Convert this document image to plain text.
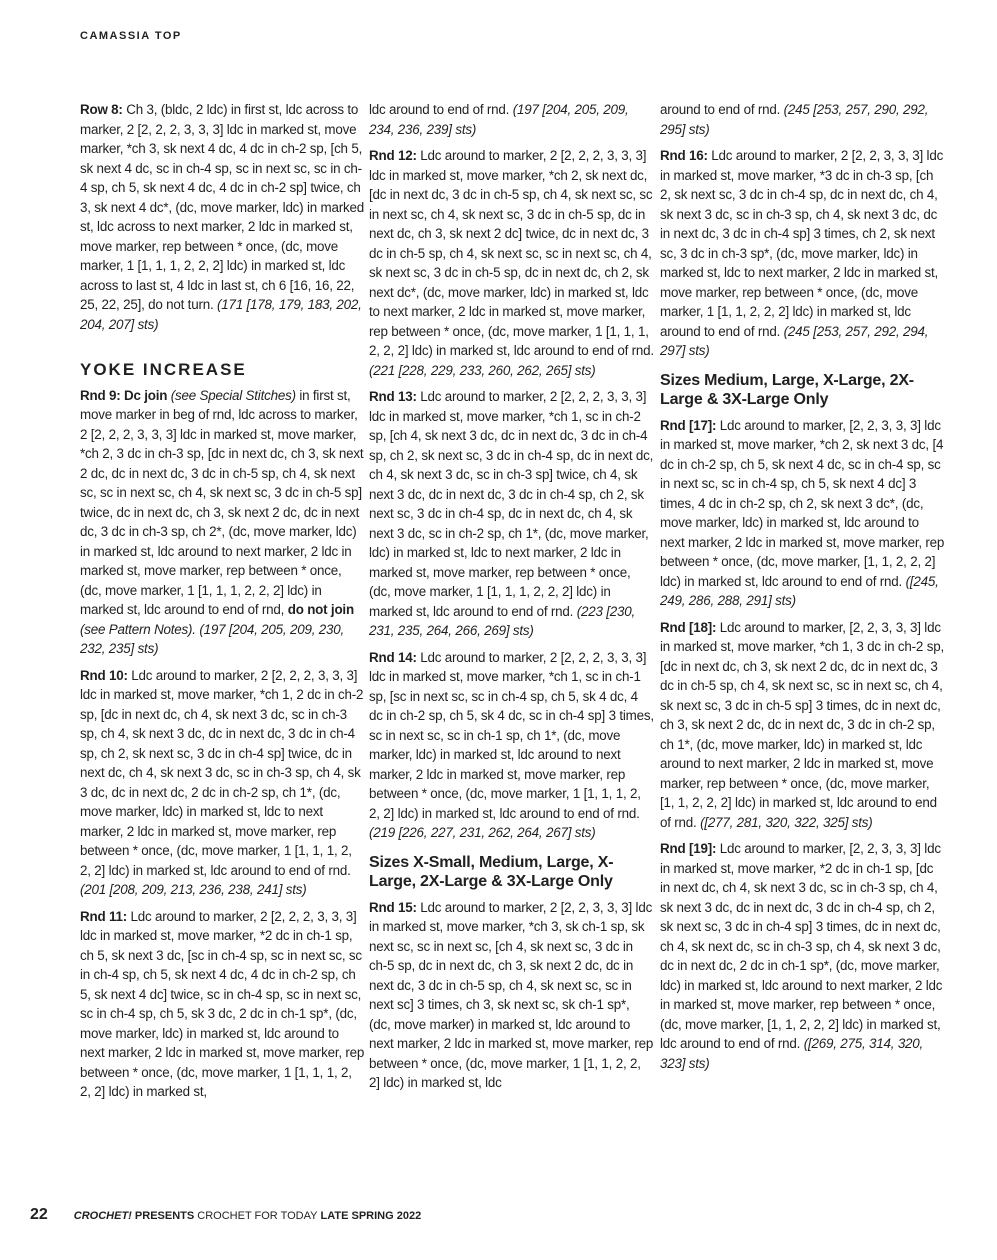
CAMASSIA TOP

Row 8: Ch 3, (bldc, 2 ldc) in first st, ldc across to marker, 2 [2, 2, 2, 3, 3, 3] ldc in marked st, move marker, *ch 3, sk next 4 dc, 4 dc in ch-2 sp, [ch 5, sk next 4 dc, sc in ch-4 sp, sc in next sc, sc in ch-4 sp, ch 5, sk next 4 dc, 4 dc in ch-2 sp] twice, ch 3, sk next 4 dc*, (dc, move marker, ldc) in marked st, ldc across to next marker, 2 ldc in marked st, move marker, rep between * once, (dc, move marker, 1 [1, 1, 1, 2, 2, 2] ldc) in marked st, ldc across to last st, 4 ldc in last st, ch 6 [16, 16, 22, 25, 22, 25], do not turn. (171 [178, 179, 183, 202, 204, 207] sts)

YOKE INCREASE

Rnd 9: Dc join (see Special Stitches) in first st, move marker in beg of rnd, ldc across to marker, 2 [2, 2, 2, 3, 3, 3] ldc in marked st, move marker, *ch 2, 3 dc in ch-3 sp, [dc in next dc, ch 3, sk next 2 dc, dc in next dc, 3 dc in ch-5 sp, ch 4, sk next sc, sc in next sc, ch 4, sk next sc, 3 dc in ch-5 sp] twice, dc in next dc, ch 3, sk next 2 dc, dc in next dc, 3 dc in ch-3 sp, ch 2*, (dc, move marker, ldc) in marked st, ldc around to next marker, 2 ldc in marked st, move marker, rep between * once, (dc, move marker, 1 [1, 1, 1, 2, 2, 2] ldc) in marked st, ldc around to end of rnd, do not join (see Pattern Notes). (197 [204, 205, 209, 230, 232, 235] sts)

Rnd 10: Ldc around to marker, 2 [2, 2, 2, 3, 3, 3] ldc in marked st, move marker, *ch 1, 2 dc in ch-2 sp, [dc in next dc, ch 4, sk next 3 dc, sc in ch-3 sp, ch 4, sk next 3 dc, dc in next dc, 3 dc in ch-4 sp, ch 2, sk next sc, 3 dc in ch-4 sp] twice, dc in next dc, ch 4, sk next 3 dc, sc in ch-3 sp, ch 4, sk 3 dc, dc in next dc, 2 dc in ch-2 sp, ch 1*, (dc, move marker, ldc) in marked st, ldc to next marker, 2 ldc in marked st, move marker, rep between * once, (dc, move marker, 1 [1, 1, 1, 2, 2, 2] ldc) in marked st, ldc around to end of rnd. (201 [208, 209, 213, 236, 238, 241] sts)

Rnd 11: Ldc around to marker, 2 [2, 2, 2, 3, 3, 3] ldc in marked st, move marker, *2 dc in ch-1 sp, ch 5, sk next 3 dc, [sc in ch-4 sp, sc in next sc, sc in ch-4 sp, ch 5, sk next 4 dc, 4 dc in ch-2 sp, ch 5, sk next 4 dc] twice, sc in ch-4 sp, sc in next sc, sc in ch-4 sp, ch 5, sk 3 dc, 2 dc in ch-1 sp*, (dc, move marker, ldc) in marked st, ldc around to next marker, 2 ldc in marked st, move marker, rep between * once, (dc, move marker, 1 [1, 1, 1, 2, 2, 2] ldc) in marked st,

ldc around to end of rnd. (197 [204, 205, 209, 234, 236, 239] sts)

Rnd 12: Ldc around to marker, 2 [2, 2, 2, 3, 3, 3] ldc in marked st, move marker, *ch 2, sk next dc, [dc in next dc, 3 dc in ch-5 sp, ch 4, sk next sc, sc in next sc, ch 4, sk next sc, 3 dc in ch-5 sp, dc in next dc, ch 3, sk next 2 dc] twice, dc in next dc, 3 dc in ch-5 sp, ch 4, sk next sc, sc in next sc, ch 4, sk next sc, 3 dc in ch-5 sp, dc in next dc, ch 2, sk next dc*, (dc, move marker, ldc) in marked st, ldc to next marker, 2 ldc in marked st, move marker, rep between * once, (dc, move marker, 1 [1, 1, 1, 2, 2, 2] ldc) in marked st, ldc around to end of rnd. (221 [228, 229, 233, 260, 262, 265] sts)

Rnd 13: Ldc around to marker, 2 [2, 2, 2, 3, 3, 3] ldc in marked st, move marker, *ch 1, sc in ch-2 sp, [ch 4, sk next 3 dc, dc in next dc, 3 dc in ch-4 sp, ch 2, sk next sc, 3 dc in ch-4 sp, dc in next dc, ch 4, sk next 3 dc, sc in ch-3 sp] twice, ch 4, sk next 3 dc, dc in next dc, 3 dc in ch-4 sp, ch 2, sk next sc, 3 dc in ch-4 sp, dc in next dc, ch 4, sk next 3 dc, sc in ch-2 sp, ch 1*, (dc, move marker, ldc) in marked st, ldc to next marker, 2 ldc in marked st, move marker, rep between * once, (dc, move marker, 1 [1, 1, 1, 2, 2, 2] ldc) in marked st, ldc around to end of rnd. (223 [230, 231, 235, 264, 266, 269] sts)

Rnd 14: Ldc around to marker, 2 [2, 2, 2, 3, 3, 3] ldc in marked st, move marker, *ch 1, sc in ch-1 sp, [sc in next sc, sc in ch-4 sp, ch 5, sk 4 dc, 4 dc in ch-2 sp, ch 5, sk 4 dc, sc in ch-4 sp] 3 times, sc in next sc, sc in ch-1 sp, ch 1*, (dc, move marker, ldc) in marked st, ldc around to next marker, 2 ldc in marked st, move marker, rep between * once, (dc, move marker, 1 [1, 1, 1, 2, 2, 2] ldc) in marked st, ldc around to end of rnd. (219 [226, 227, 231, 262, 264, 267] sts)

Sizes X-Small, Medium, Large, X-Large, 2X-Large & 3X-Large Only

Rnd 15: Ldc around to marker, 2 [2, 2, 3, 3, 3] ldc in marked st, move marker, *ch 3, sk ch-1 sp, sk next sc, sc in next sc, [ch 4, sk next sc, 3 dc in ch-5 sp, dc in next dc, ch 3, sk next 2 dc, dc in next dc, 3 dc in ch-5 sp, ch 4, sk next sc, sc in next sc] 3 times, ch 3, sk next sc, sk ch-1 sp*, (dc, move marker) in marked st, ldc around to next marker, 2 ldc in marked st, move marker, rep between * once, (dc, move marker, 1 [1, 1, 2, 2, 2] ldc) in marked st, ldc

around to end of rnd. (245 [253, 257, 290, 292, 295] sts)

Rnd 16: Ldc around to marker, 2 [2, 2, 3, 3, 3] ldc in marked st, move marker, *3 dc in ch-3 sp, [ch 2, sk next sc, 3 dc in ch-4 sp, dc in next dc, ch 4, sk next 3 dc, sc in ch-3 sp, ch 4, sk next 3 dc, dc in next dc, 3 dc in ch-4 sp] 3 times, ch 2, sk next sc, 3 dc in ch-3 sp*, (dc, move marker, ldc) in marked st, ldc to next marker, 2 ldc in marked st, move marker, rep between * once, (dc, move marker, 1 [1, 1, 2, 2, 2] ldc) in marked st, ldc around to end of rnd. (245 [253, 257, 292, 294, 297] sts)

Sizes Medium, Large, X-Large, 2X-Large & 3X-Large Only

Rnd [17]: Ldc around to marker, [2, 2, 3, 3, 3] ldc in marked st, move marker, *ch 2, sk next 3 dc, [4 dc in ch-2 sp, ch 5, sk next 4 dc, sc in ch-4 sp, sc in next sc, sc in ch-4 sp, ch 5, sk next 4 dc] 3 times, 4 dc in ch-2 sp, ch 2, sk next 3 dc*, (dc, move marker, ldc) in marked st, ldc around to next marker, 2 ldc in marked st, move marker, rep between * once, (dc, move marker, [1, 1, 2, 2, 2] ldc) in marked st, ldc around to end of rnd. ([245, 249, 286, 288, 291] sts)

Rnd [18]: Ldc around to marker, [2, 2, 3, 3, 3] ldc in marked st, move marker, *ch 1, 3 dc in ch-2 sp, [dc in next dc, ch 3, sk next 2 dc, dc in next dc, 3 dc in ch-5 sp, ch 4, sk next sc, sc in next sc, ch 4, sk next sc, 3 dc in ch-5 sp] 3 times, dc in next dc, ch 3, sk next 2 dc, dc in next dc, 3 dc in ch-2 sp, ch 1*, (dc, move marker, ldc) in marked st, ldc around to next marker, 2 ldc in marked st, move marker, rep between * once, (dc, move marker, [1, 1, 2, 2, 2] ldc) in marked st, ldc around to end of rnd. ([277, 281, 320, 322, 325] sts)

Rnd [19]: Ldc around to marker, [2, 2, 3, 3, 3] ldc in marked st, move marker, *2 dc in ch-1 sp, [dc in next dc, ch 4, sk next 3 dc, sc in ch-3 sp, ch 4, sk next 3 dc, dc in next dc, 3 dc in ch-4 sp, ch 2, sk next sc, 3 dc in ch-4 sp] 3 times, dc in next dc, ch 4, sk next dc, sc in ch-3 sp, ch 4, sk next 3 dc, dc in next dc, 2 dc in ch-1 sp*, (dc, move marker, ldc) in marked st, ldc around to next marker, 2 ldc in marked st, move marker, rep between * once, (dc, move marker, [1, 1, 2, 2, 2] ldc) in marked st, ldc around to end of rnd. ([269, 275, 314, 320, 323] sts)

22 CROCHET! PRESENTS CROCHET FOR TODAY LATE SPRING 2022
